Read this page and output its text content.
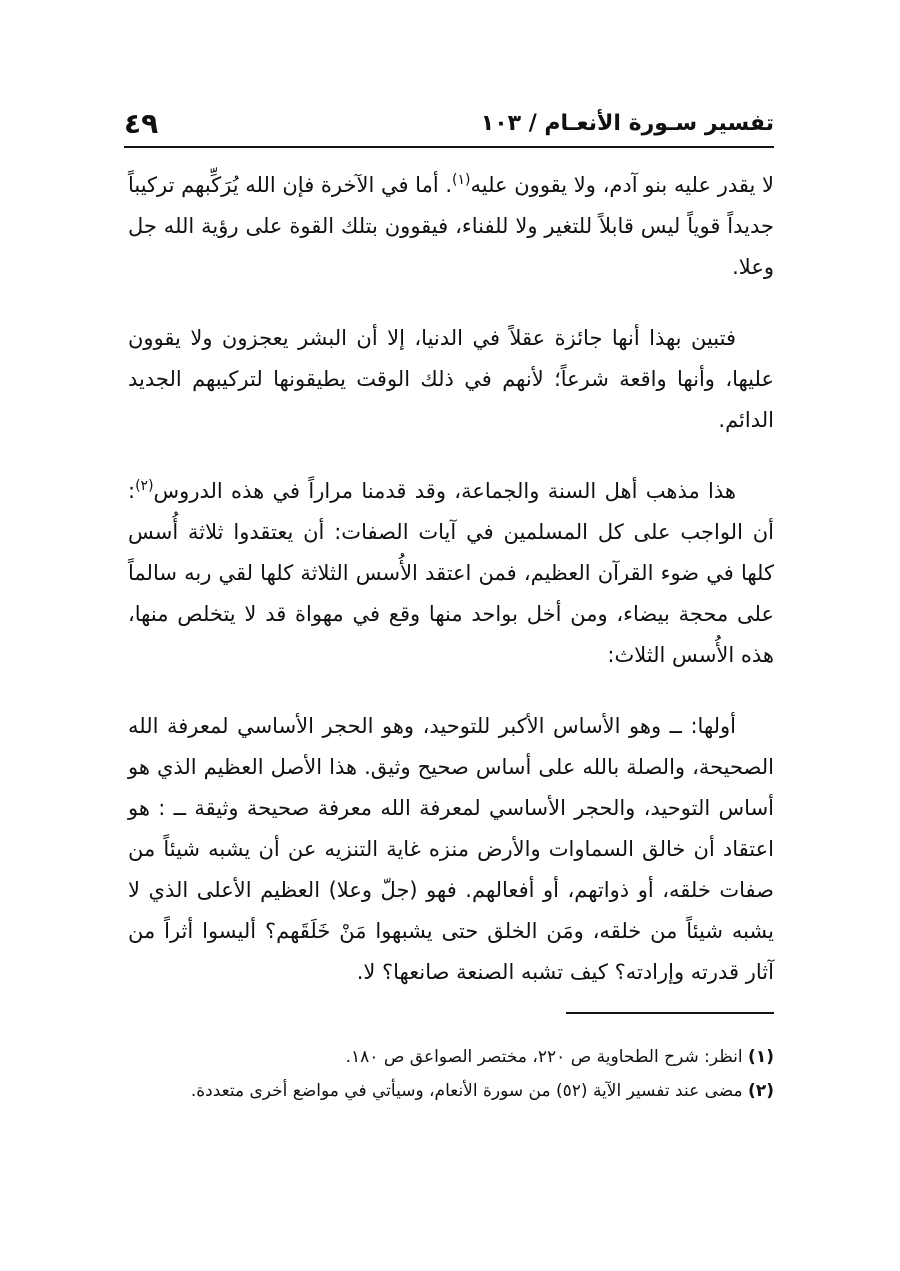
تفسير سـورة الأنعـام / ١٠٣
٤٩

لا يقدر عليه بنو آدم، ولا يقوون عليه$^{(١)}$. أما في الآخرة فإن الله يُرَكِّبهم تركيباً جديداً قوياً ليس قابلاً للتغير ولا للفناء، فيقوون بتلك القوة على رؤية الله جل وعلا.

فتبين بهذا أنها جائزة عقلاً في الدنيا، إلا أن البشر يعجزون ولا يقوون عليها، وأنها واقعة شرعاً؛ لأنهم في ذلك الوقت يطيقونها لتركيبهم الجديد الدائم.

هذا مذهب أهل السنة والجماعة، وقد قدمنا مراراً في هذه الدروس$^{(٢)}$: أن الواجب على كل المسلمين في آيات الصفات: أن يعتقدوا ثلاثة أُسس كلها في ضوء القرآن العظيم، فمن اعتقد الأُسس الثلاثة كلها لقي ربه سالماً على محجة بيضاء، ومن أخل بواحد منها وقع في مهواة قد لا يتخلص منها، هذه الأُسس الثلاث:

أولها: ــ وهو الأساس الأكبر للتوحيد، وهو الحجر الأساسي لمعرفة الله الصحيحة، والصلة بالله على أساس صحيح وثيق. هذا الأصل العظيم الذي هو أساس التوحيد، والحجر الأساسي لمعرفة الله معرفة صحيحة وثيقة ــ : هو اعتقاد أن خالق السماوات والأرض منزه غاية التنزيه عن أن يشبه شيئاً من صفات خلقه، أو ذواتهم، أو أفعالهم. فهو (جلّ وعلا) العظيم الأعلى الذي لا يشبه شيئاً من خلقه، ومَن الخلق حتى يشبهوا مَنْ خَلَقَهم؟ أليسوا أثراً من آثار قدرته وإرادته؟ كيف تشبه الصنعة صانعها؟ لا.

(١) انظر: شرح الطحاوية ص ٢٢٠، مختصر الصواعق ص ١٨٠.

(٢) مضى عند تفسير الآية (٥٢) من سورة الأنعام، وسيأتي في مواضع أخرى متعددة.
